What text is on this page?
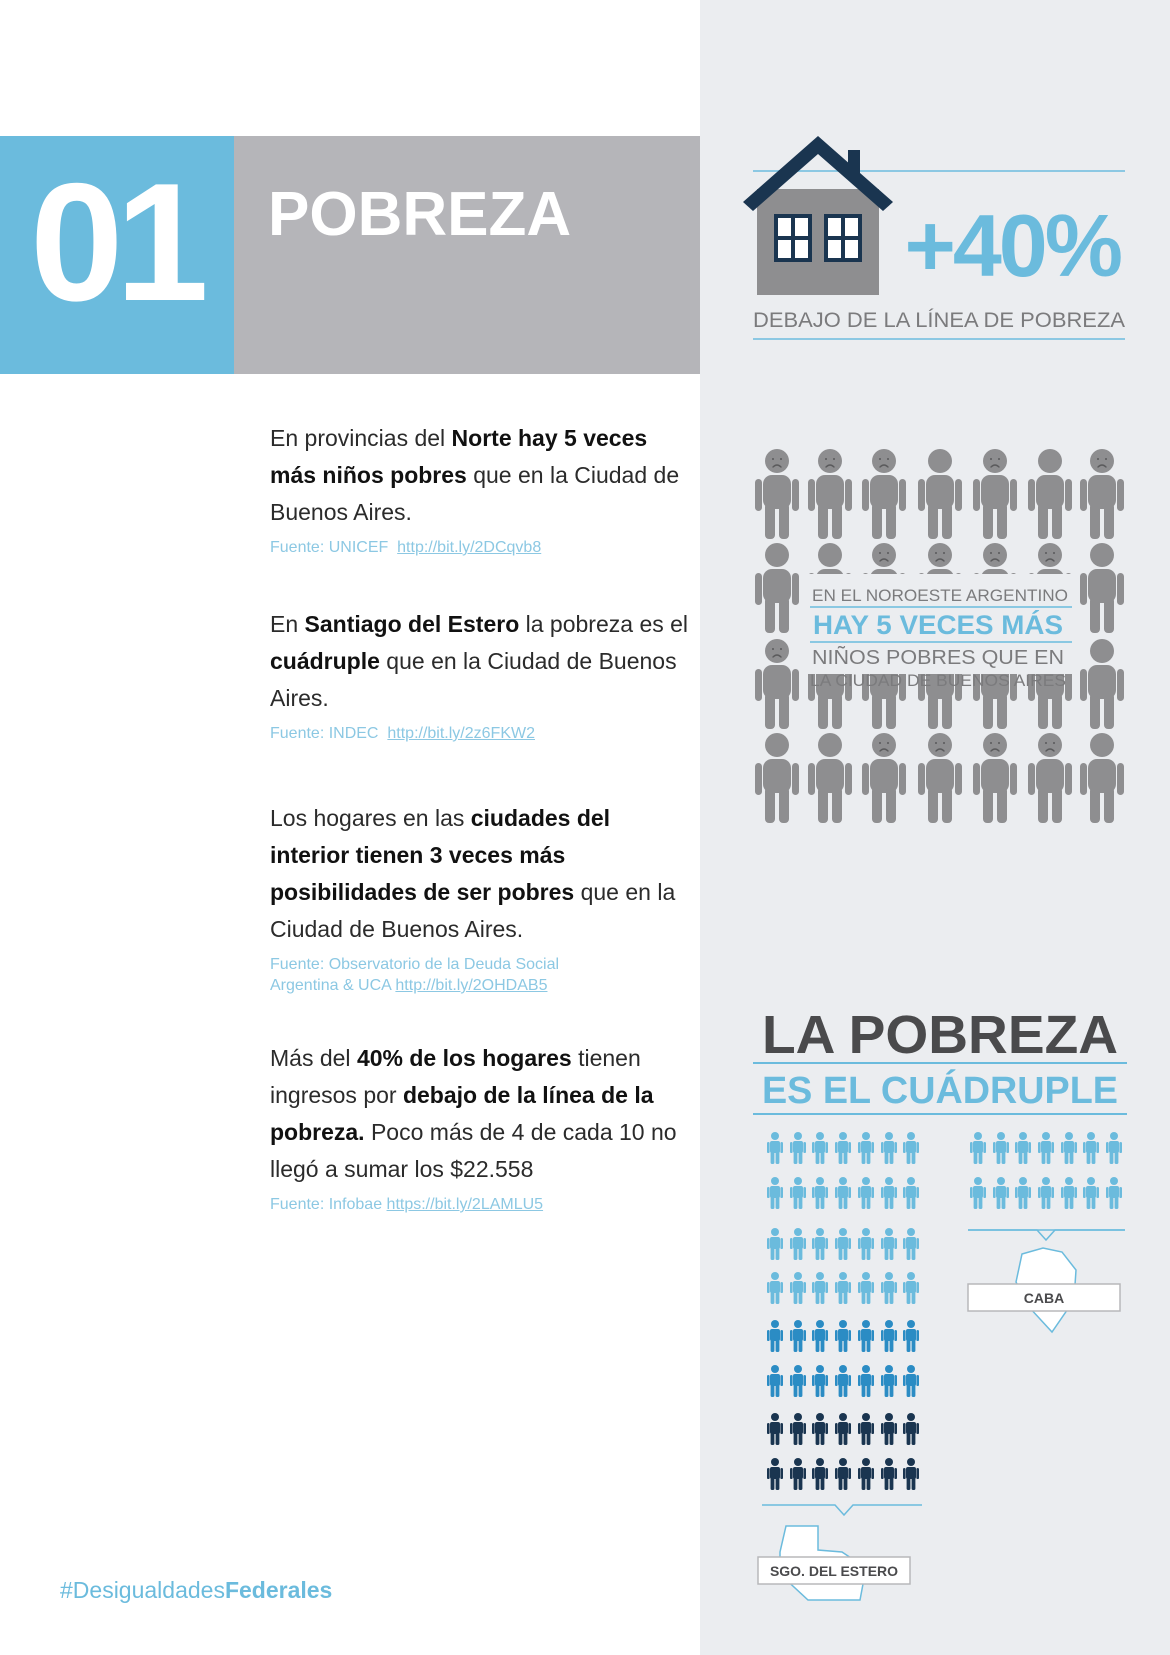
01 POBREZA

En provincias del Norte hay 5 veces más niños pobres que en la Ciudad de Buenos Aires.

Fuente: UNICEF http://bit.ly/2DCqvb8

En Santiago del Estero la pobreza es el cuádruple que en la Ciudad de Buenos Aires.

Fuente: INDEC http://bit.ly/2z6FKW2

Los hogares en las ciudades del interior tienen 3 veces más posibilidades de ser pobres que en la Ciudad de Buenos Aires.

Fuente: Observatorio de la Deuda Social Argentina & UCA http://bit.ly/2OHDAB5

Más del 40% de los hogares tienen ingresos por debajo de la línea de la pobreza. Poco más de 4 de cada 10 no llegó a sumar los $22.558

Fuente: Infobae https://bit.ly/2LAMLU5
+40%
DEBAJO DE LA LÍNEA DE POBREZA
EN EL NOROESTE ARGENTINO
HAY 5 VECES MÁS
NIÑOS POBRES QUE EN
LA CIUDAD DE BUENOS AIRES
LA POBREZA
ES EL CUÁDRUPLE
CABA
SGO. DEL ESTERO
#DesigualdadesFederales
